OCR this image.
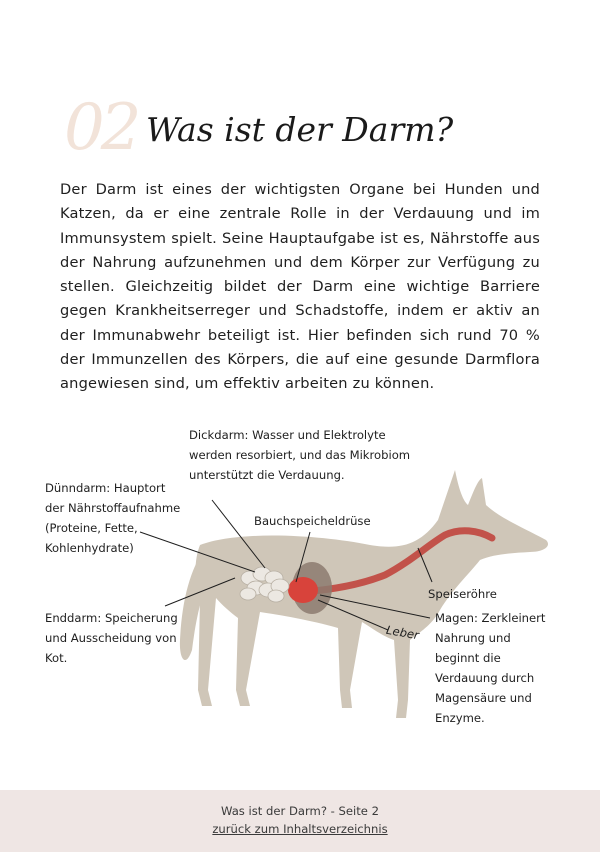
02 Was ist der Darm?

Der Darm ist eines der wichtigsten Organe bei Hunden und Katzen, da er eine zentrale Rolle in der Verdauung und im Immunsystem spielt. Seine Hauptaufgabe ist es, Nährstoffe aus der Nahrung aufzunehmen und dem Körper zur Verfügung zu stellen. Gleichzeitig bildet der Darm eine wichtige Barriere gegen Krankheitserreger und Schadstoffe, indem er aktiv an der Immunabwehr beteiligt ist. Hier befinden sich rund 70 % der Immunzellen des Körpers, die auf eine gesunde Darmflora angewiesen sind, um effektiv arbeiten zu können.

Dickdarm: Wasser und Elektrolyte werden resorbiert, und das Mikrobiom unterstützt die Verdauung.

Dünndarm: Hauptort der Nährstoffaufnahme (Proteine, Fette, Kohlenhydrate)

Bauchspeicheldrüse

Speiseröhre

Enddarm: Speicherung und Ausscheidung von Kot.

Leber

Magen: Zerkleinert Nahrung und beginnt die Verdauung durch Magensäure und Enzyme.

Was ist der Darm? - Seite 2
zurück zum Inhaltsverzeichnis
